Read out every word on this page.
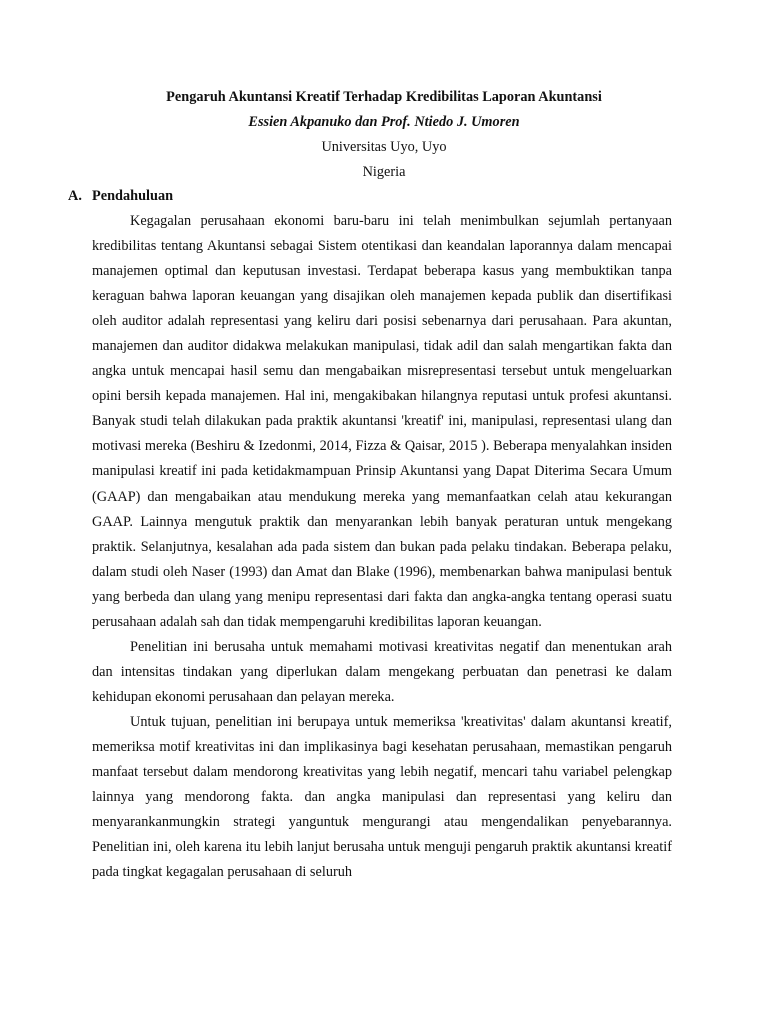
Pengaruh Akuntansi Kreatif Terhadap Kredibilitas Laporan Akuntansi
Essien Akpanuko dan Prof. Ntiedo J. Umoren
Universitas Uyo, Uyo
Nigeria
A. Pendahuluan

Kegagalan perusahaan ekonomi baru-baru ini telah menimbulkan sejumlah pertanyaan kredibilitas tentang Akuntansi sebagai Sistem otentikasi dan keandalan laporannya dalam mencapai manajemen optimal dan keputusan investasi. Terdapat beberapa kasus yang membuktikan tanpa keraguan bahwa laporan keuangan yang disajikan oleh manajemen kepada publik dan disertifikasi oleh auditor adalah representasi yang keliru dari posisi sebenarnya dari perusahaan. Para akuntan, manajemen dan auditor didakwa melakukan manipulasi, tidak adil dan salah mengartikan fakta dan angka untuk mencapai hasil semu dan mengabaikan misrepresentasi tersebut untuk mengeluarkan opini bersih kepada manajemen. Hal ini, mengakibakan hilangnya reputasi untuk profesi akuntansi. Banyak studi telah dilakukan pada praktik akuntansi 'kreatif' ini, manipulasi, representasi ulang dan motivasi mereka (Beshiru & Izedonmi, 2014, Fizza & Qaisar, 2015 ). Beberapa menyalahkan insiden manipulasi kreatif ini pada ketidakmampuan Prinsip Akuntansi yang Dapat Diterima Secara Umum (GAAP) dan mengabaikan atau mendukung mereka yang memanfaatkan celah atau kekurangan GAAP. Lainnya mengutuk praktik dan menyarankan lebih banyak peraturan untuk mengekang praktik. Selanjutnya, kesalahan ada pada sistem dan bukan pada pelaku tindakan. Beberapa pelaku, dalam studi oleh Naser (1993) dan Amat dan Blake (1996), membenarkan bahwa manipulasi bentuk yang berbeda dan ulang yang menipu representasi dari fakta dan angka-angka tentang operasi suatu perusahaan adalah sah dan tidak mempengaruhi kredibilitas laporan keuangan.

Penelitian ini berusaha untuk memahami motivasi kreativitas negatif dan menentukan arah dan intensitas tindakan yang diperlukan dalam mengekang perbuatan dan penetrasi ke dalam kehidupan ekonomi perusahaan dan pelayan mereka.

Untuk tujuan, penelitian ini berupaya untuk memeriksa 'kreativitas' dalam akuntansi kreatif, memeriksa motif kreativitas ini dan implikasinya bagi kesehatan perusahaan, memastikan pengaruh manfaat tersebut dalam mendorong kreativitas yang lebih negatif, mencari tahu variabel pelengkap lainnya yang mendorong fakta. dan angka manipulasi dan representasi yang keliru dan menyarankanmungkin strategi yanguntuk mengurangi atau mengendalikan penyebarannya. Penelitian ini, oleh karena itu lebih lanjut berusaha untuk menguji pengaruh praktik akuntansi kreatif pada tingkat kegagalan perusahaan di seluruh
